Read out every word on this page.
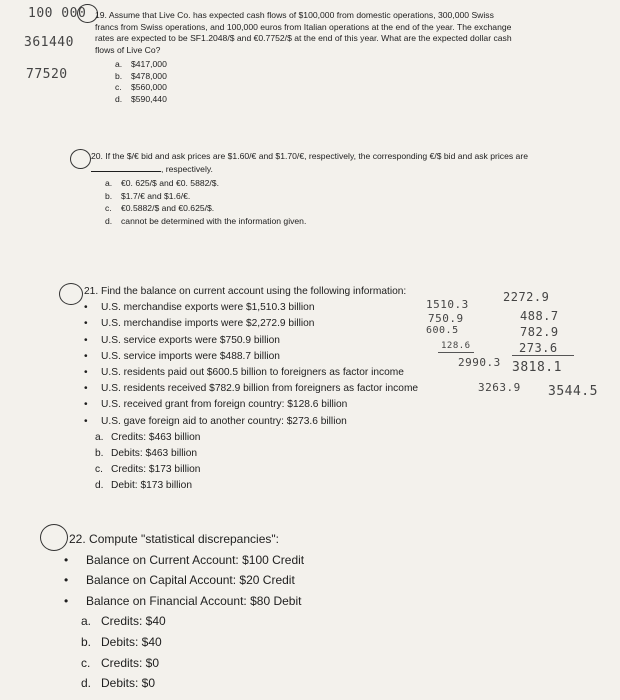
19. Assume that Live Co. has expected cash flows of $100,000 from domestic operations, 300,000 Swiss francs from Swiss operations, and 100,000 euros from Italian operations at the end of the year. The exchange rates are expected to be SF1.2048/$ and €0.7752/$ at the end of this year. What are the expected dollar cash flows of Live Co?

a. $417,000
b. $478,000
c. $560,000
d. $590,440
100 000
361440
77520

20. If the $/€ bid and ask prices are $1.60/€ and $1.70/€, respectively, the corresponding €/$ bid and ask prices are , respectively.

a. €0. 625/$ and €0. 5882/$.
b. $1.7/€ and $1.6/€.
c. €0.5882/$ and €0.625/$.
d. cannot be determined with the information given.

21. Find the balance on current account using the following information:

• U.S. merchandise exports were $1,510.3 billion
• U.S. merchandise imports were $2,272.9 billion
• U.S. service exports were $750.9 billion
• U.S. service imports were $488.7 billion
• U.S. residents paid out $600.5 billion to foreigners as factor income
• U.S. residents received $782.9 billion from foreigners as factor income
• U.S. received grant from foreign country: $128.6 billion
• U.S. gave foreign aid to another country: $273.6 billion
a. Credits: $463 billion
b. Debits: $463 billion
c. Credits: $173 billion
d. Debit: $173 billion
1510.3
750.9
600.5
128.6
2990.3
2272.9
488.7
782.9
273.6
3818.1
3263.9 3544.5

22. Compute "statistical discrepancies":

• Balance on Current Account: $100 Credit
• Balance on Capital Account: $20 Credit
• Balance on Financial Account: $80 Debit
a. Credits: $40
b. Debits: $40
c. Credits: $0
d. Debits: $0
